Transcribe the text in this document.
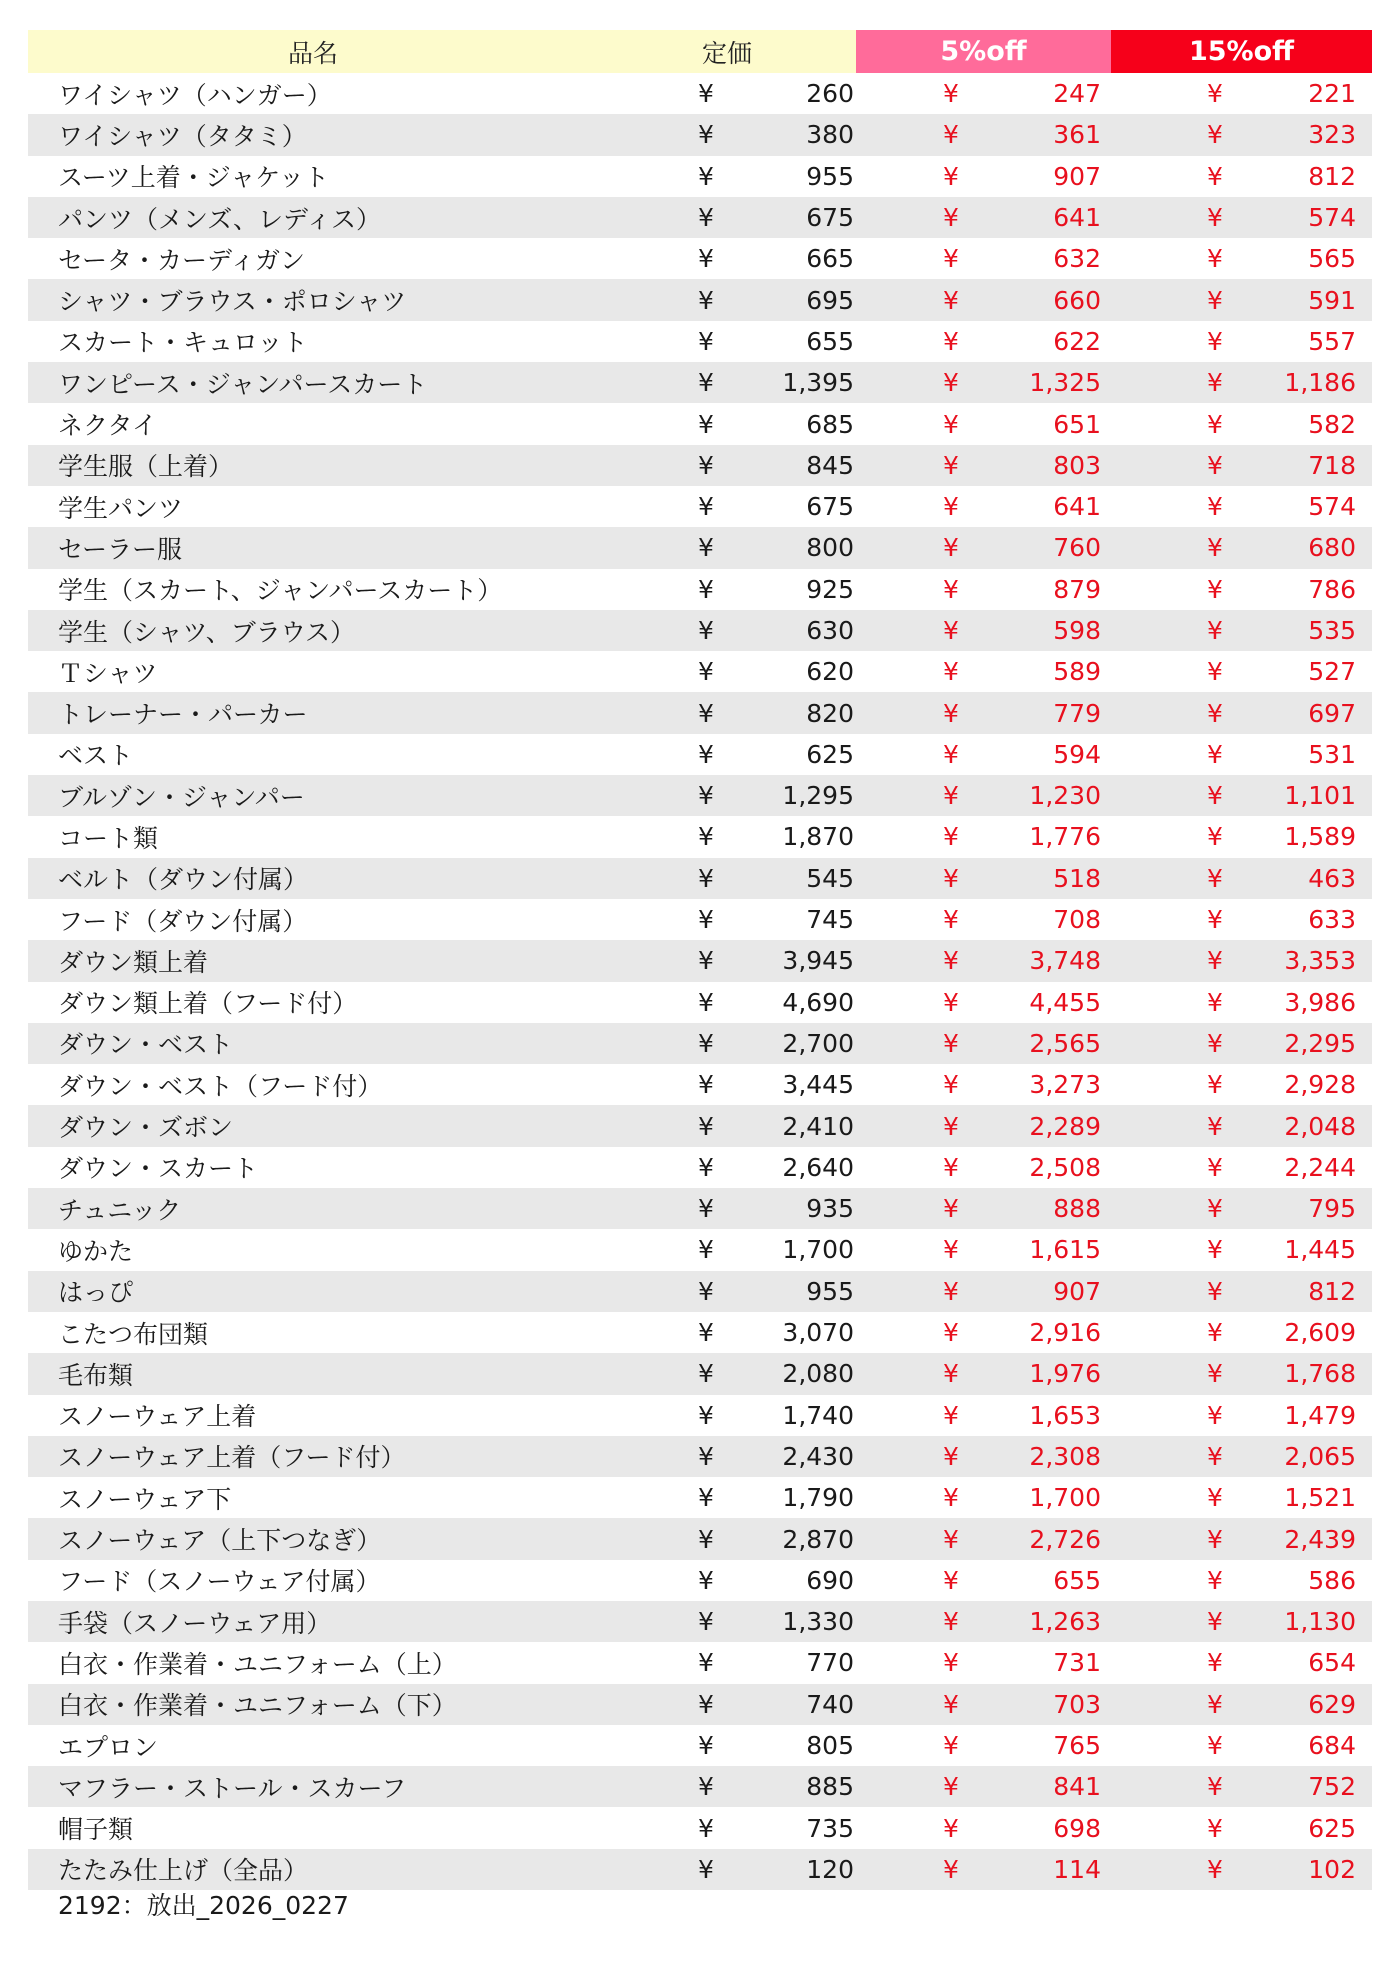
品名	定価	5%off	15%off
ワイシャツ（ハンガー）	¥	260	¥	247	¥	221
ワイシャツ（タタミ）	¥	380	¥	361	¥	323
スーツ上着・ジャケット	¥	955	¥	907	¥	812
パンツ（メンズ、レディス）	¥	675	¥	641	¥	574
セータ・カーディガン	¥	665	¥	632	¥	565
シャツ・ブラウス・ポロシャツ	¥	695	¥	660	¥	591
スカート・キュロット	¥	655	¥	622	¥	557
ワンピース・ジャンパースカート	¥	1,395	¥	1,325	¥ 1,186
ネクタイ	¥	685	¥	651	¥	582
学生服（上着）	¥	845	¥	803	¥	718
学生パンツ	¥	675	¥	641	¥	574
セーラー服	¥	800	¥	760	¥	680
学生（スカート、ジャンパースカート）	¥	925	¥	879	¥	786
学生（シャツ、ブラウス）	¥	630	¥	598	¥	535
Ｔシャツ	¥	620	¥	589	¥	527
トレーナー・パーカー	¥	820	¥	779	¥	697
ベスト	¥	625	¥	594	¥	531
ブルゾン・ジャンパー	¥	1,295	¥	1,230	¥ 1,101
コート類	¥	1,870	¥	1,776	¥ 1,589
ベルト（ダウン付属）	¥	545	¥	518	¥	463
フード（ダウン付属）	¥	745	¥	708	¥	633
ダウン類上着	¥	3,945	¥	3,748	¥ 3,353
ダウン類上着（フード付）	¥	4,690	¥	4,455	¥ 3,986
ダウン・ベスト	¥	2,700	¥	2,565	¥ 2,295
ダウン・ベスト（フード付）	¥	3,445	¥	3,273	¥ 2,928
ダウン・ズボン	¥	2,410	¥	2,289	¥ 2,048
ダウン・スカート	¥	2,640	¥	2,508	¥ 2,244
チュニック	¥	935	¥	888	¥	795
ゆかた	¥	1,700	¥	1,615	¥ 1,445
はっぴ	¥	955	¥	907	¥	812
こたつ布団類	¥	3,070	¥	2,916	¥ 2,609
毛布類	¥	2,080	¥	1,976	¥ 1,768
スノーウェア上着	¥	1,740	¥	1,653	¥ 1,479
スノーウェア上着（フード付）	¥	2,430	¥	2,308	¥ 2,065
スノーウェア下	¥	1,790	¥	1,700	¥ 1,521
スノーウェア（上下つなぎ）	¥	2,870	¥	2,726	¥ 2,439
フード（スノーウェア付属）	¥	690	¥	655	¥	586
手袋（スノーウェア用）	¥	1,330	¥	1,263	¥ 1,130
白衣・作業着・ユニフォーム（上）	¥	770	¥	731	¥	654
白衣・作業着・ユニフォーム（下）	¥	740	¥	703	¥	629
エプロン	¥	805	¥	765	¥	684
マフラー・ストール・スカーフ	¥	885	¥	841	¥	752
帽子類	¥	735	¥	698	¥	625
たたみ仕上げ（全品）	¥	120	¥	114	¥	102
2192：放出_2026_0227
